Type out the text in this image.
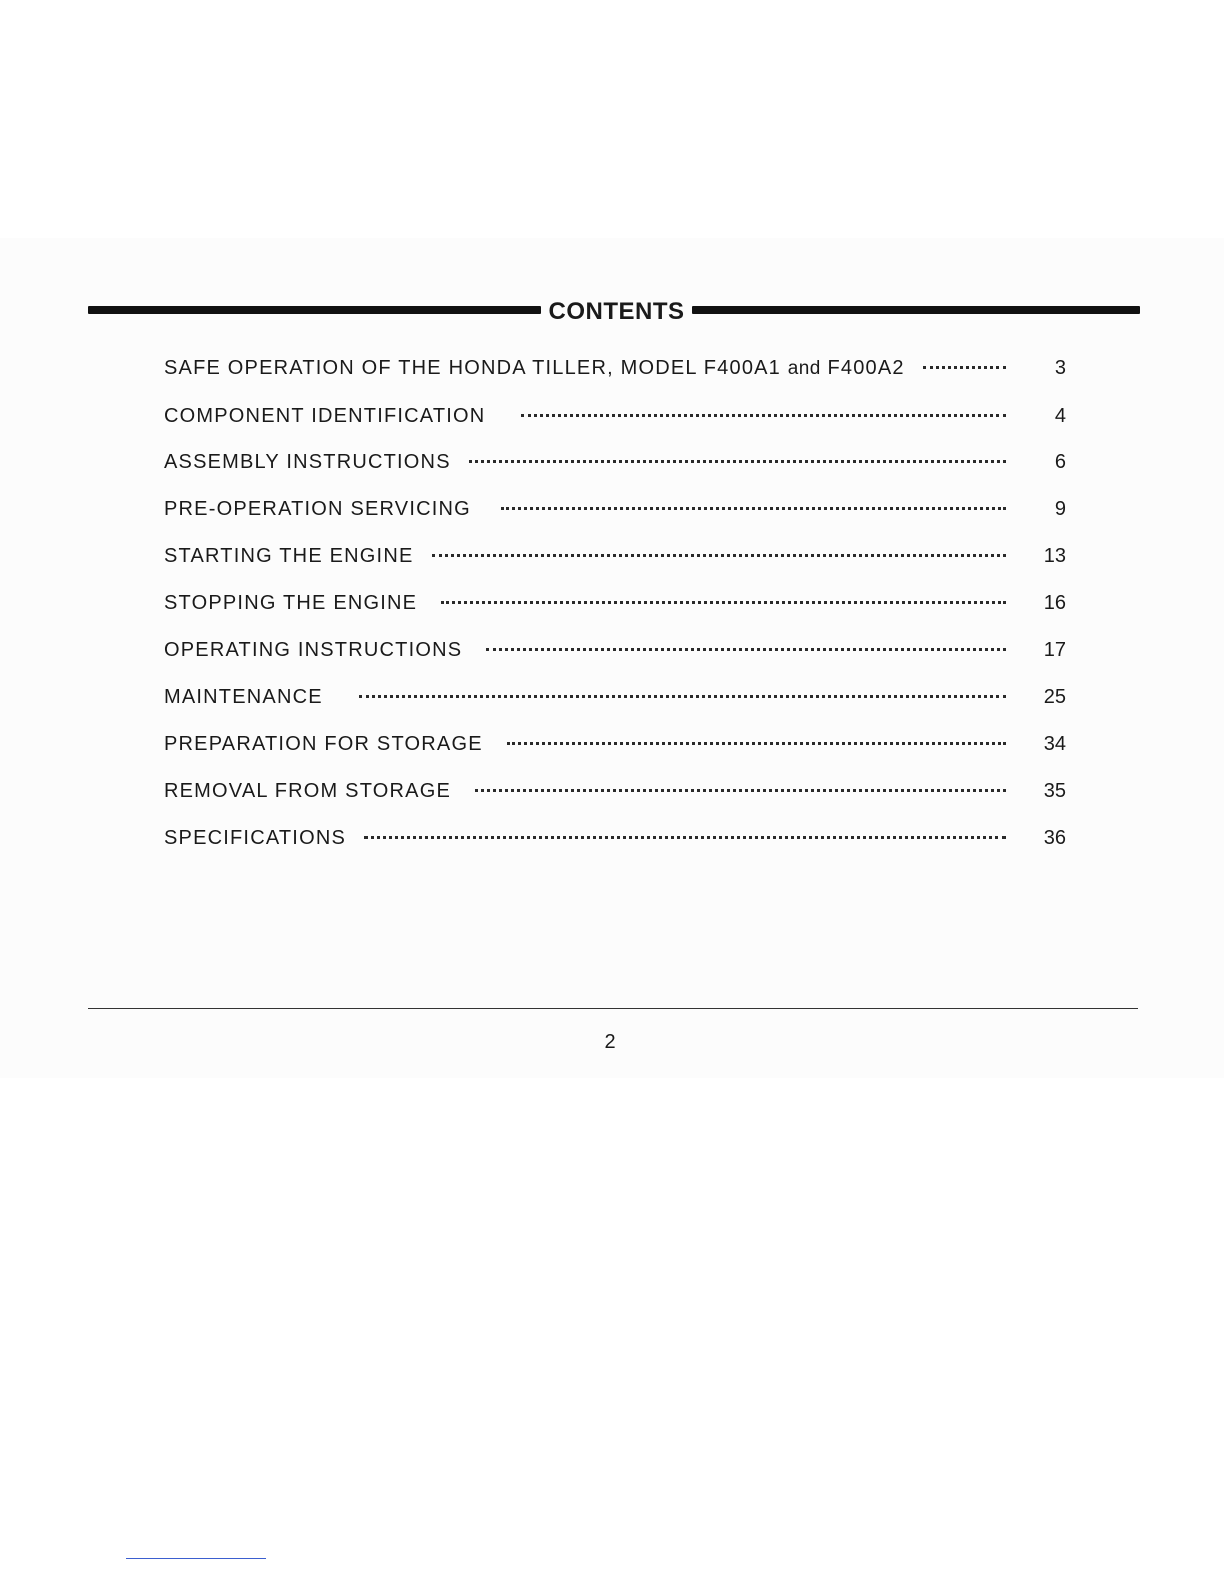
CONTENTS
SAFE OPERATION OF THE HONDA TILLER, MODEL F400A1 and F400A2	3
COMPONENT IDENTIFICATION	4
ASSEMBLY INSTRUCTIONS	6
PRE-OPERATION SERVICING	9
STARTING THE ENGINE	13
STOPPING THE ENGINE	16
OPERATING INSTRUCTIONS	17
MAINTENANCE	25
PREPARATION FOR STORAGE	34
REMOVAL FROM STORAGE	35
SPECIFICATIONS	36
2
